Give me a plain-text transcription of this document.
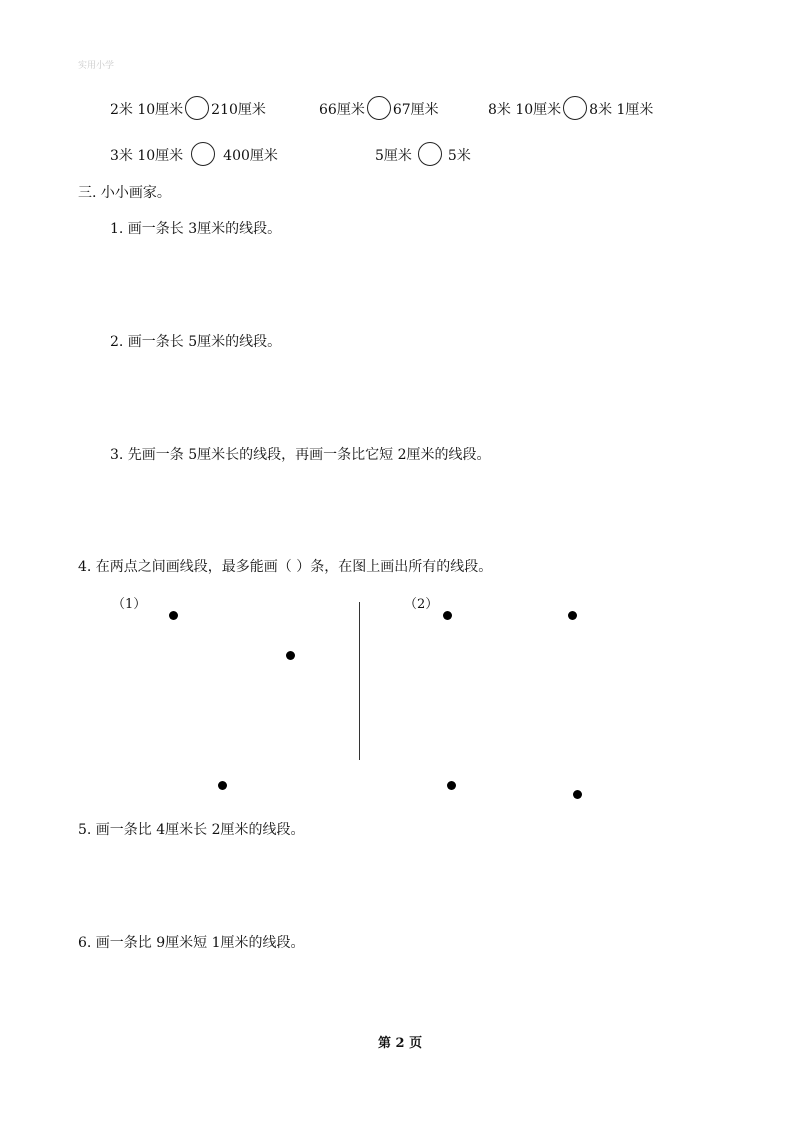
实用小学
2米 10厘米 210厘米	66厘米 67厘米	8米 10厘米 8米 1厘米
3米 10厘米	400厘米	5厘米	5米
三. 小小画家。
1. 画一条长 3厘米的线段。
2. 画一条长 5厘米的线段。
3. 先画一条 5厘米长的线段，再画一条比它短 2厘米的线段。
4. 在两点之间画线段，最多能画（ ）条，在图上画出所有的线段。
（1）	（2）
5. 画一条比 4厘米长 2厘米的线段。
6. 画一条比 9厘米短 1厘米的线段。
第 2 页
